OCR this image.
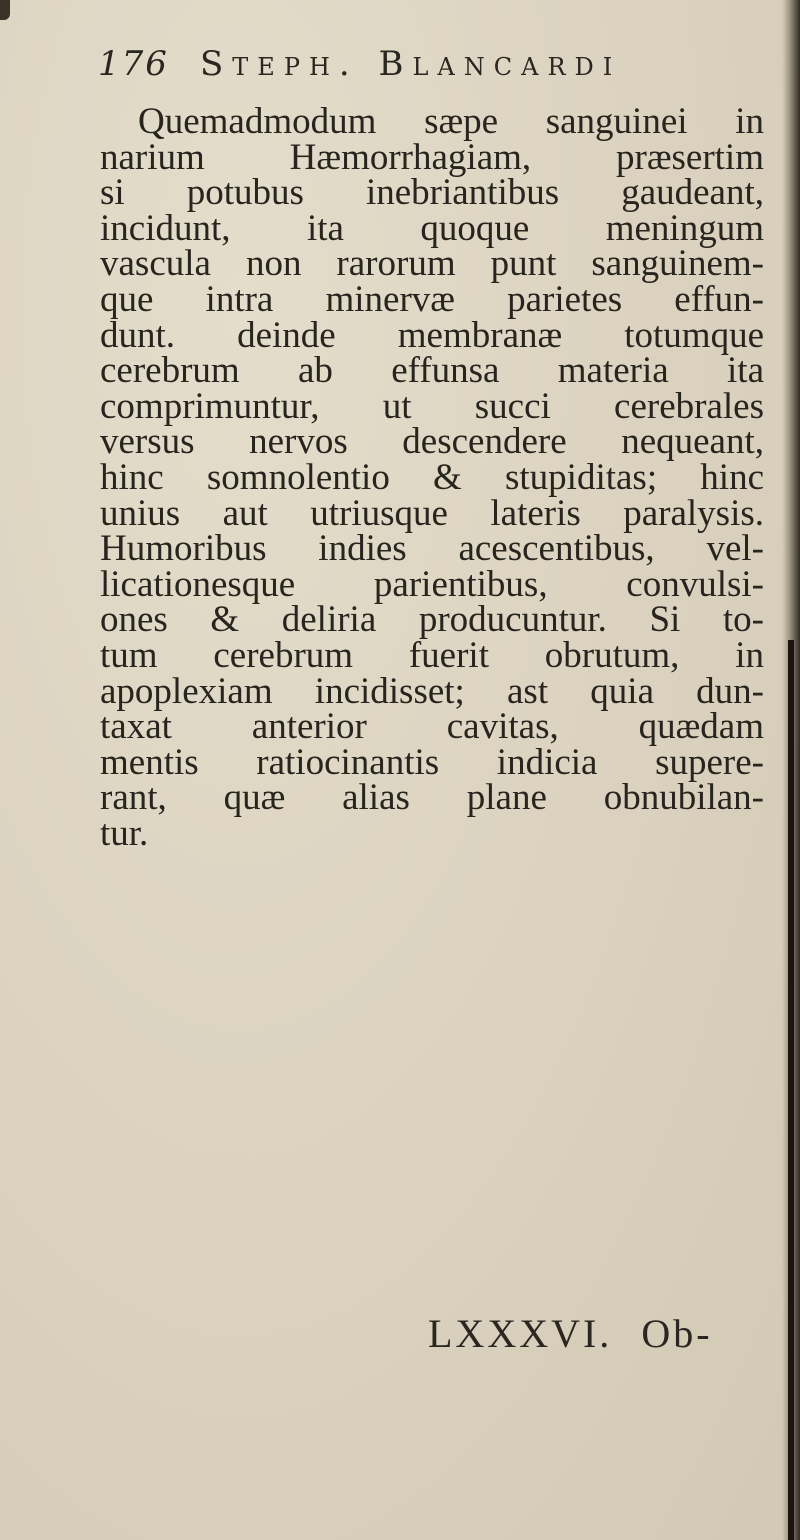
176 Steph. Blancardi
Quemadmodum sæpe sanguinei in
narium Hæmorrhagiam, præsertim
si potubus inebriantibus gaudeant,
incidunt, ita quoque meningum
vascula non rarorum punt sanguinem-
que intra minervæ parietes effun-
dunt. deinde membranæ totumque
cerebrum ab effunsa materia ita
comprimuntur, ut succi cerebrales
versus nervos descendere nequeant,
hinc somnolentio & stupiditas; hinc
unius aut utriusque lateris paralysis.
Humoribus indies acescentibus, vel-
licationesque parientibus, convulsi-
ones & deliria producuntur. Si to-
tum cerebrum fuerit obrutum, in
apoplexiam incidisset; ast quia dun-
taxat anterior cavitas, quædam
mentis ratiocinantis indicia supere-
rant, quæ alias plane obnubilan-
tur.
LXXXVI. Ob-
